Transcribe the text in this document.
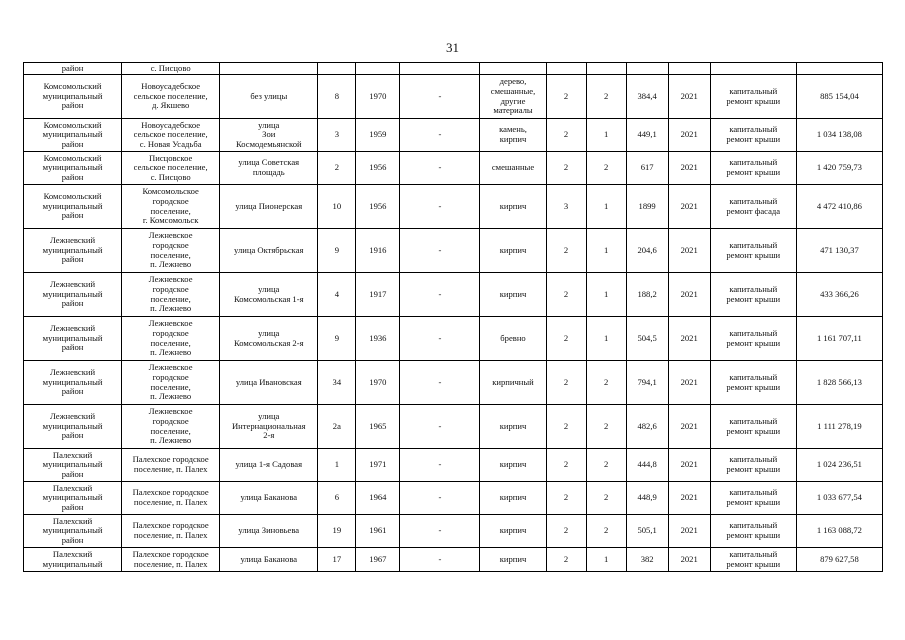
31
район	с. Писцово											
Комсомольский
муниципальный
район	Новоусадебское
сельское поселение,
д. Якшево	без улицы	8	1970	-	дерево,
смешанные,
другие
материалы	2	2	384,4	2021	капитальный
ремонт крыши	885 154,04
Комсомольский
муниципальный
район	Новоусадебское
сельское поселение,
с. Новая Усадьба	улица
Зои
Космодемьянской	3	1959	-	камень,
кирпич	2	1	449,1	2021	капитальный
ремонт крыши	1 034 138,08
Комсомольский
муниципальный
район	Писцовское
сельское поселение,
с. Писцово	улица Советская
площадь	2	1956	-	смешанные	2	2	617	2021	капитальный
ремонт крыши	1 420 759,73
Комсомольский
муниципальный
район	Комсомольское
городское
поселение,
г. Комсомольск	улица Пионерская	10	1956	-	кирпич	3	1	1899	2021	капитальный
ремонт фасада	4 472 410,86
Лежневский
муниципальный
район	Лежневское
городское
поселение,
п. Лежнево	улица Октябрьская	9	1916	-	кирпич	2	1	204,6	2021	капитальный
ремонт крыши	471 130,37
Лежневский
муниципальный
район	Лежневское
городское
поселение,
п. Лежнево	улица
Комсомольская 1-я	4	1917	-	кирпич	2	1	188,2	2021	капитальный
ремонт крыши	433 366,26
Лежневский
муниципальный
район	Лежневское
городское
поселение,
п. Лежнево	улица
Комсомольская 2-я	9	1936	-	бревно	2	1	504,5	2021	капитальный
ремонт крыши	1 161 707,11
Лежневский
муниципальный
район	Лежневское
городское
поселение,
п. Лежнево	улица Ивановская	34	1970	-	кирпичный	2	2	794,1	2021	капитальный
ремонт крыши	1 828 566,13
Лежневский
муниципальный
район	Лежневское
городское
поселение,
п. Лежнево	улица
Интернациональная
2-я	2а	1965	-	кирпич	2	2	482,6	2021	капитальный
ремонт крыши	1 111 278,19
Палехский
муниципальный
район	Палехское городское
поселение, п. Палех	улица 1-я Садовая	1	1971	-	кирпич	2	2	444,8	2021	капитальный
ремонт крыши	1 024 236,51
Палехский
муниципальный
район	Палехское городское
поселение, п. Палех	улица Баканова	6	1964	-	кирпич	2	2	448,9	2021	капитальный
ремонт крыши	1 033 677,54
Палехский
муниципальный
район	Палехское городское
поселение, п. Палех	улица Зиновьева	19	1961	-	кирпич	2	2	505,1	2021	капитальный
ремонт крыши	1 163 088,72
Палехский
муниципальный	Палехское городское
поселение, п. Палех	улица Баканова	17	1967	-	кирпич	2	1	382	2021	капитальный
ремонт крыши	879 627,58
